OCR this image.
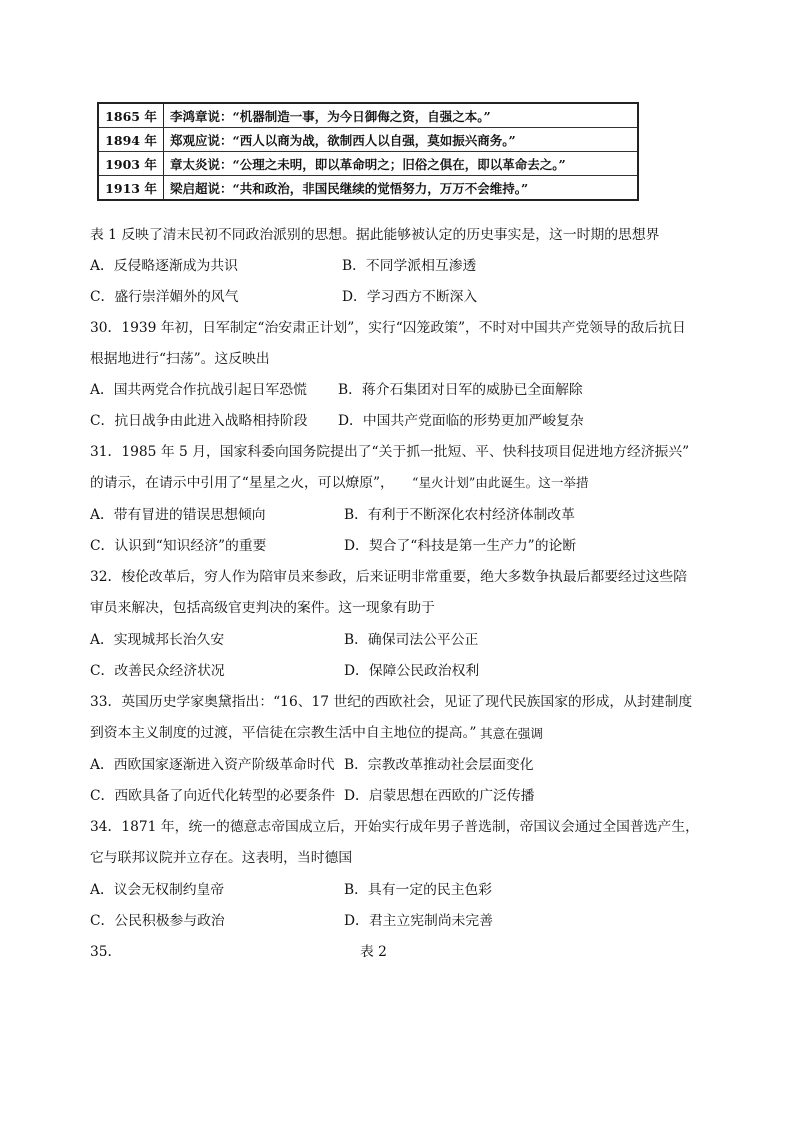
1865 年	李鸿章说：“机器制造一事，为今日御侮之资，自强之本。”
1894 年	郑观应说：“西人以商为战，欲制西人以自强，莫如振兴商务。”
1903 年	章太炎说：“公理之未明，即以革命明之；旧俗之俱在，即以革命去之。”
1913 年	梁启超说：“共和政治，非国民继续的觉悟努力，万万不会维持。”
表 1 反映了清末民初不同政治派别的思想。据此能够被认定的历史事实是，这一时期的思想界
A．反侵略逐渐成为共识	B．不同学派相互渗透
C．盛行崇洋媚外的风气	D．学习西方不断深入
30．1939 年初，日军制定“治安肃正计划”，实行“囚笼政策”，不时对中国共产党领导的敌后抗日
根据地进行“扫荡”。这反映出
A．国共两党合作抗战引起日军恐慌 B．蒋介石集团对日军的威胁已全面解除
C．抗日战争由此进入战略相持阶段 D．中国共产党面临的形势更加严峻复杂
31．1985 年 5 月，国家科委向国务院提出了“关于抓一批短、平、快科技项目促进地方经济振兴”
的请示，在请示中引用了“星星之火，可以燎原”， “星火计划”由此诞生。这一举措
A．带有冒进的错误思想倾向	B．有利于不断深化农村经济体制改革
C．认识到“知识经济”的重要	D．契合了“科技是第一生产力”的论断
32．梭伦改革后，穷人作为陪审员来参政，后来证明非常重要，绝大多数争执最后都要经过这些陪
审员来解决，包括高级官吏判决的案件。这一现象有助于
A．实现城邦长治久安	B．确保司法公平公正
C．改善民众经济状况	D．保障公民政治权利
33．英国历史学家奥黛指出：“16、17 世纪的西欧社会，见证了现代民族国家的形成，从封建制度
到资本主义制度的过渡，平信徒在宗教生活中自主地位的提高。” 其意在强调
A．西欧国家逐渐进入资产阶级革命时代 B．宗教改革推动社会层面变化
C．西欧具备了向近代化转型的必要条件 D．启蒙思想在西欧的广泛传播
34．1871 年，统一的德意志帝国成立后，开始实行成年男子普选制，帝国议会通过全国普选产生，
它与联邦议院并立存在。这表明，当时德国
A．议会无权制约皇帝	B．具有一定的民主色彩
C．公民积极参与政治	D．君主立宪制尚未完善
35．	表 2
